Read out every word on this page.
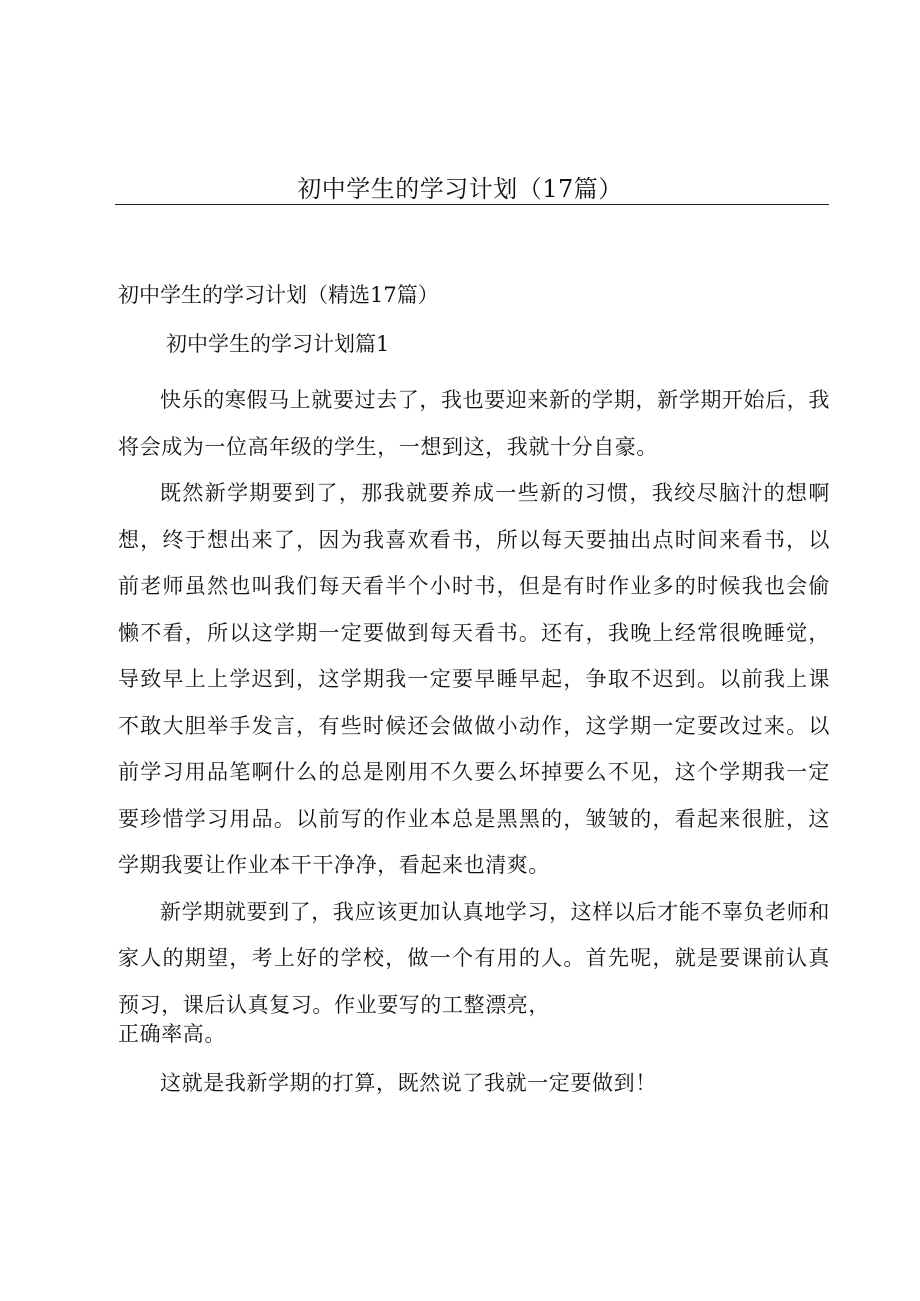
初中学生的学习计划（17篇）
初中学生的学习计划（精选17篇）
初中学生的学习计划篇1

快乐的寒假马上就要过去了，我也要迎来新的学期，新学期开始后，我将会成为一位高年级的学生，一想到这，我就十分自豪。

既然新学期要到了，那我就要养成一些新的习惯，我绞尽脑汁的想啊想，终于想出来了，因为我喜欢看书，所以每天要抽出点时间来看书，以前老师虽然也叫我们每天看半个小时书，但是有时作业多的时候我也会偷懒不看，所以这学期一定要做到每天看书。还有，我晚上经常很晚睡觉，导致早上上学迟到，这学期我一定要早睡早起，争取不迟到。以前我上课不敢大胆举手发言，有些时候还会做做小动作，这学期一定要改过来。以前学习用品笔啊什么的总是刚用不久要么坏掉要么不见，这个学期我一定要珍惜学习用品。以前写的作业本总是黑黑的，皱皱的，看起来很脏，这学期我要让作业本干干净净，看起来也清爽。

新学期就要到了，我应该更加认真地学习，这样以后才能不辜负老师和家人的期望，考上好的学校，做一个有用的人。首先呢，就是要课前认真预习，课后认真复习。作业要写的工整漂亮，
正确率高。

这就是我新学期的打算，既然说了我就一定要做到！
